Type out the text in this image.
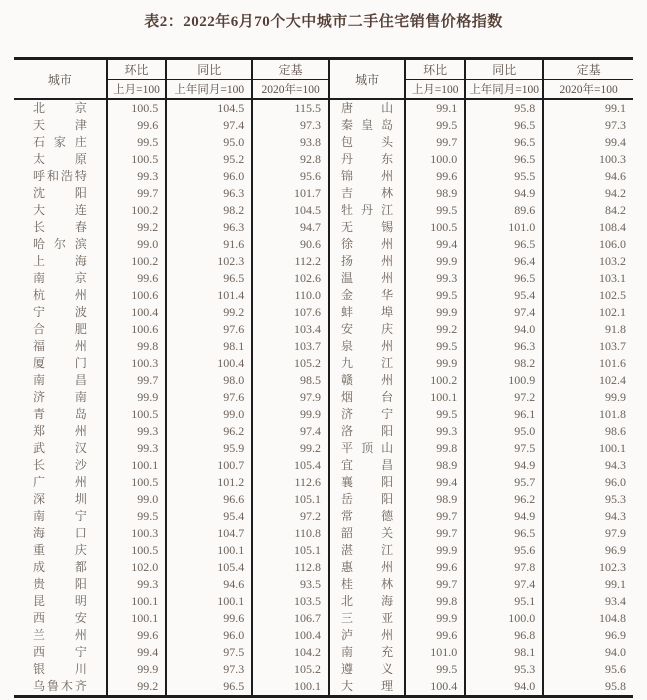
表2：2022年6月70个大中城市二手住宅销售价格指数
城市	环比	同比	定基	城市	环比	同比	定基
	上月=100	上年同月=100	2020年=100		上月=100	上年同月=100	2020年=100
北京	100.5	104.5	115.5	唐山	99.1	95.8	99.1
天津	99.6	97.4	97.3	秦皇岛	99.5	96.5	97.3
石家庄	99.5	95.0	93.8	包头	99.7	96.5	99.4
太原	100.5	95.2	92.8	丹东	100.0	96.5	100.3
呼和浩特	99.3	96.0	95.6	锦州	99.6	95.5	94.6
沈阳	99.7	96.3	101.7	吉林	98.9	94.9	94.2
大连	100.2	98.2	104.5	牡丹江	99.5	89.6	84.2
长春	99.2	96.3	94.7	无锡	100.5	101.0	108.4
哈尔滨	99.0	91.6	90.6	徐州	99.4	96.5	106.0
上海	100.2	102.3	112.2	扬州	99.9	96.4	103.2
南京	99.6	96.5	102.6	温州	99.3	96.5	103.1
杭州	100.6	101.4	110.0	金华	99.5	95.4	102.5
宁波	100.4	99.2	107.6	蚌埠	99.9	97.4	102.1
合肥	100.6	97.6	103.4	安庆	99.2	94.0	91.8
福州	99.8	98.1	103.7	泉州	99.5	96.3	103.7
厦门	100.3	100.4	105.2	九江	99.9	98.2	101.6
南昌	99.7	98.0	98.5	赣州	100.2	100.9	102.4
济南	99.9	97.6	97.9	烟台	100.1	97.2	99.9
青岛	100.5	99.0	99.9	济宁	99.5	96.1	101.8
郑州	99.3	96.2	97.4	洛阳	99.3	95.0	98.6
武汉	99.3	95.9	99.2	平顶山	99.8	97.5	100.1
长沙	100.1	100.7	105.4	宜昌	98.9	94.9	94.3
广州	100.5	101.2	112.6	襄阳	99.4	95.7	96.0
深圳	99.0	96.6	105.1	岳阳	98.9	96.2	95.3
南宁	99.5	95.4	97.2	常德	99.7	94.9	94.3
海口	100.3	104.7	110.8	韶关	99.7	96.5	97.9
重庆	100.5	100.1	105.1	湛江	99.9	95.6	96.9
成都	102.0	105.4	112.8	惠州	99.6	97.8	102.3
贵阳	99.3	94.6	93.5	桂林	99.7	97.4	99.1
昆明	100.1	100.1	103.5	北海	99.8	95.1	93.4
西安	100.1	99.6	106.7	三亚	99.9	100.0	104.8
兰州	99.6	96.0	100.4	泸州	99.6	96.8	96.9
西宁	99.4	97.5	104.2	南充	101.0	98.1	94.0
银川	99.9	97.3	105.2	遵义	99.5	95.3	95.6
乌鲁木齐	99.2	96.5	100.1	大理	100.4	94.0	95.8
